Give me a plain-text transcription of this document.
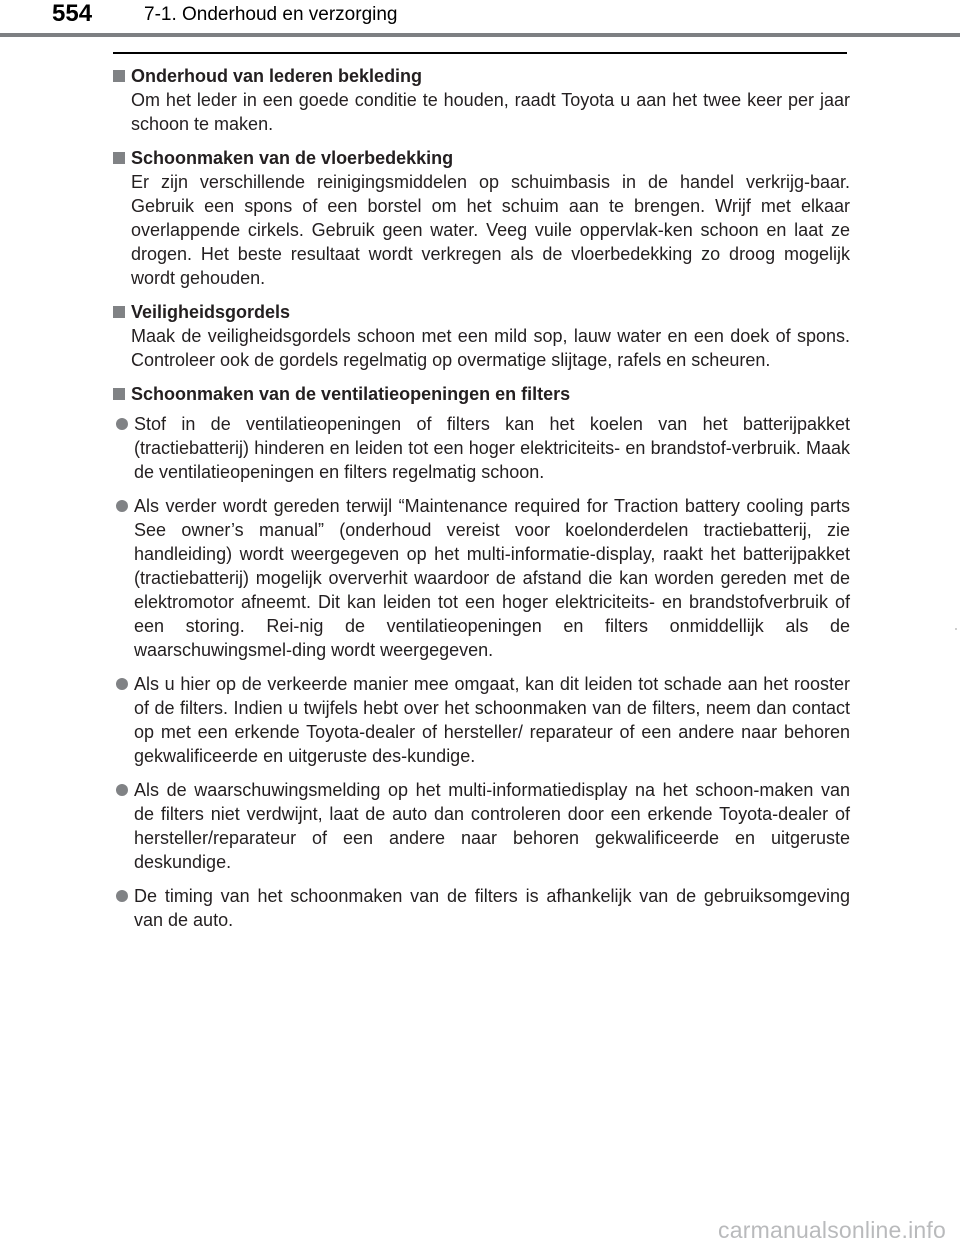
554	7-1. Onderhoud en verzorging
Onderhoud van lederen bekleding
Om het leder in een goede conditie te houden, raadt Toyota u aan het twee keer per jaar schoon te maken.
Schoonmaken van de vloerbedekking
Er zijn verschillende reinigingsmiddelen op schuimbasis in de handel verkrijg-baar. Gebruik een spons of een borstel om het schuim aan te brengen. Wrijf met elkaar overlappende cirkels. Gebruik geen water. Veeg vuile oppervlak-ken schoon en laat ze drogen. Het beste resultaat wordt verkregen als de vloerbedekking zo droog mogelijk wordt gehouden.
Veiligheidsgordels
Maak de veiligheidsgordels schoon met een mild sop, lauw water en een doek of spons. Controleer ook de gordels regelmatig op overmatige slijtage, rafels en scheuren.
Schoonmaken van de ventilatieopeningen en filters
Stof in de ventilatieopeningen of filters kan het koelen van het batterijpakket (tractiebatterij) hinderen en leiden tot een hoger elektriciteits- en brandstof-verbruik. Maak de ventilatieopeningen en filters regelmatig schoon.
Als verder wordt gereden terwijl “Maintenance required for Traction battery cooling parts See owner’s manual” (onderhoud vereist voor koelonderdelen tractiebatterij, zie handleiding) wordt weergegeven op het multi-informatie-display, raakt het batterijpakket (tractiebatterij) mogelijk oververhit waardoor de afstand die kan worden gereden met de elektromotor afneemt. Dit kan leiden tot een hoger elektriciteits- en brandstofverbruik of een storing. Rei-nig de ventilatieopeningen en filters onmiddellijk als de waarschuwingsmel-ding wordt weergegeven.
Als u hier op de verkeerde manier mee omgaat, kan dit leiden tot schade aan het rooster of de filters. Indien u twijfels hebt over het schoonmaken van de filters, neem dan contact op met een erkende Toyota-dealer of hersteller/ reparateur of een andere naar behoren gekwalificeerde en uitgeruste des-kundige.
Als de waarschuwingsmelding op het multi-informatiedisplay na het schoon-maken van de filters niet verdwijnt, laat de auto dan controleren door een erkende Toyota-dealer of hersteller/reparateur of een andere naar behoren gekwalificeerde en uitgeruste deskundige.
De timing van het schoonmaken van de filters is afhankelijk van de gebruiksomgeving van de auto.
carmanualsonline.info
